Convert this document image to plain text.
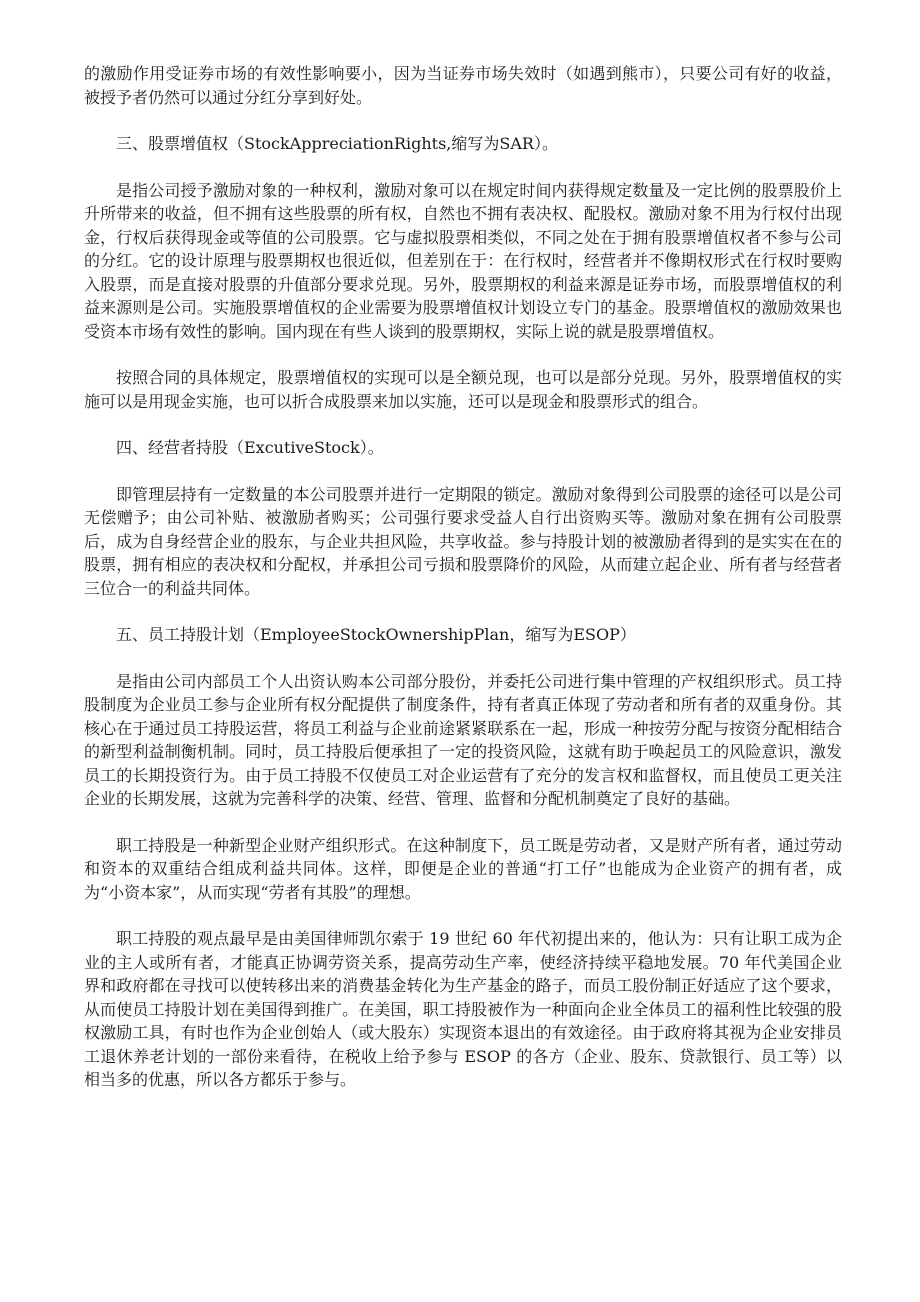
的激励作用受证券市场的有效性影响要小，因为当证券市场失效时（如遇到熊市），只要公司有好的收益，被授予者仍然可以通过分红分享到好处。

三、股票增值权（StockAppreciationRights,缩写为SAR）。

是指公司授予激励对象的一种权利，激励对象可以在规定时间内获得规定数量及一定比例的股票股价上升所带来的收益，但不拥有这些股票的所有权，自然也不拥有表决权、配股权。激励对象不用为行权付出现金，行权后获得现金或等值的公司股票。它与虚拟股票相类似，不同之处在于拥有股票增值权者不参与公司的分红。它的设计原理与股票期权也很近似，但差别在于：在行权时，经营者并不像期权形式在行权时要购入股票，而是直接对股票的升值部分要求兑现。另外，股票期权的利益来源是证券市场，而股票增值权的利益来源则是公司。实施股票增值权的企业需要为股票增值权计划设立专门的基金。股票增值权的激励效果也受资本市场有效性的影响。国内现在有些人谈到的股票期权，实际上说的就是股票增值权。

按照合同的具体规定，股票增值权的实现可以是全额兑现，也可以是部分兑现。另外，股票增值权的实施可以是用现金实施，也可以折合成股票来加以实施，还可以是现金和股票形式的组合。

四、经营者持股（ExcutiveStock）。

即管理层持有一定数量的本公司股票并进行一定期限的锁定。激励对象得到公司股票的途径可以是公司无偿赠予；由公司补贴、被激励者购买；公司强行要求受益人自行出资购买等。激励对象在拥有公司股票后，成为自身经营企业的股东，与企业共担风险，共享收益。参与持股计划的被激励者得到的是实实在在的股票，拥有相应的表决权和分配权，并承担公司亏损和股票降价的风险，从而建立起企业、所有者与经营者三位合一的利益共同体。

五、员工持股计划（EmployeeStockOwnershipPlan，缩写为ESOP）

是指由公司内部员工个人出资认购本公司部分股份，并委托公司进行集中管理的产权组织形式。员工持股制度为企业员工参与企业所有权分配提供了制度条件，持有者真正体现了劳动者和所有者的双重身份。其核心在于通过员工持股运营，将员工利益与企业前途紧紧联系在一起，形成一种按劳分配与按资分配相结合的新型利益制衡机制。同时，员工持股后便承担了一定的投资风险，这就有助于唤起员工的风险意识，激发员工的长期投资行为。由于员工持股不仅使员工对企业运营有了充分的发言权和监督权，而且使员工更关注企业的长期发展，这就为完善科学的决策、经营、管理、监督和分配机制奠定了良好的基础。

职工持股是一种新型企业财产组织形式。在这种制度下，员工既是劳动者，又是财产所有者，通过劳动和资本的双重结合组成利益共同体。这样，即便是企业的普通“打工仔”也能成为企业资产的拥有者，成为“小资本家”，从而实现“劳者有其股”的理想。

职工持股的观点最早是由美国律师凯尔索于 19 世纪 60 年代初提出来的，他认为：只有让职工成为企业的主人或所有者，才能真正协调劳资关系，提高劳动生产率，使经济持续平稳地发展。70 年代美国企业界和政府都在寻找可以使转移出来的消费基金转化为生产基金的路子，而员工股份制正好适应了这个要求，从而使员工持股计划在美国得到推广。在美国，职工持股被作为一种面向企业全体员工的福利性比较强的股权激励工具，有时也作为企业创始人（或大股东）实现资本退出的有效途径。由于政府将其视为企业安排员工退休养老计划的一部份来看待，在税收上给予参与 ESOP 的各方（企业、股东、贷款银行、员工等）以相当多的优惠，所以各方都乐于参与。
